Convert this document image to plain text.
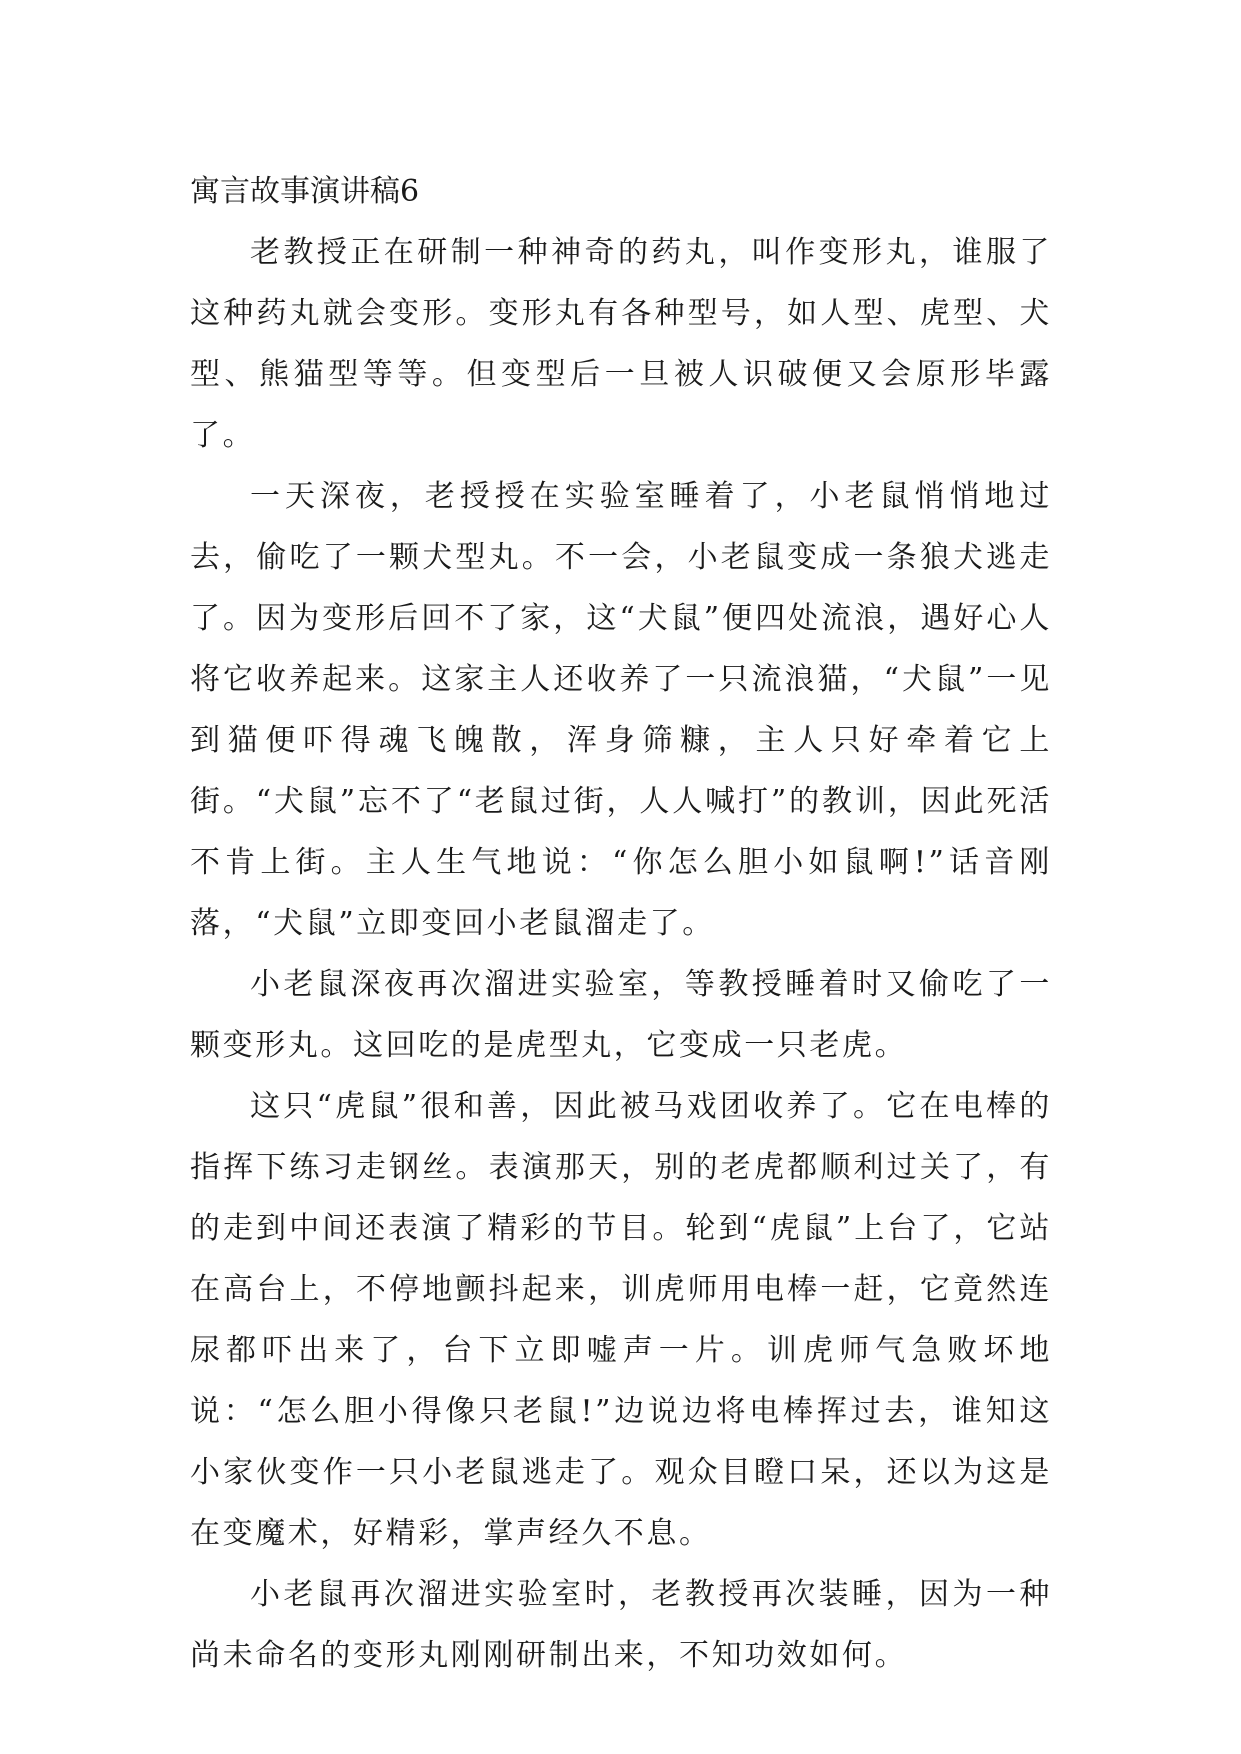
寓言故事演讲稿6

老教授正在研制一种神奇的药丸，叫作变形丸，谁服了这种药丸就会变形。变形丸有各种型号，如人型、虎型、犬型、熊猫型等等。但变型后一旦被人识破便又会原形毕露了。

一天深夜，老授授在实验室睡着了，小老鼠悄悄地过去，偷吃了一颗犬型丸。不一会，小老鼠变成一条狼犬逃走了。因为变形后回不了家，这“犬鼠”便四处流浪，遇好心人将它收养起来。这家主人还收养了一只流浪猫，“犬鼠”一见到猫便吓得魂飞魄散，浑身筛糠，主人只好牵着它上街。“犬鼠”忘不了“老鼠过街，人人喊打”的教训，因此死活不肯上街。主人生气地说：“你怎么胆小如鼠啊!”话音刚落，“犬鼠”立即变回小老鼠溜走了。

小老鼠深夜再次溜进实验室，等教授睡着时又偷吃了一颗变形丸。这回吃的是虎型丸，它变成一只老虎。

这只“虎鼠”很和善，因此被马戏团收养了。它在电棒的指挥下练习走钢丝。表演那天，别的老虎都顺利过关了，有的走到中间还表演了精彩的节目。轮到“虎鼠”上台了，它站在高台上，不停地颤抖起来，训虎师用电棒一赶，它竟然连尿都吓出来了，台下立即嘘声一片。训虎师气急败坏地说：“怎么胆小得像只老鼠!”边说边将电棒挥过去，谁知这小家伙变作一只小老鼠逃走了。观众目瞪口呆，还以为这是在变魔术，好精彩，掌声经久不息。

小老鼠再次溜进实验室时，老教授再次装睡，因为一种尚未命名的变形丸刚刚研制出来，不知功效如何。
